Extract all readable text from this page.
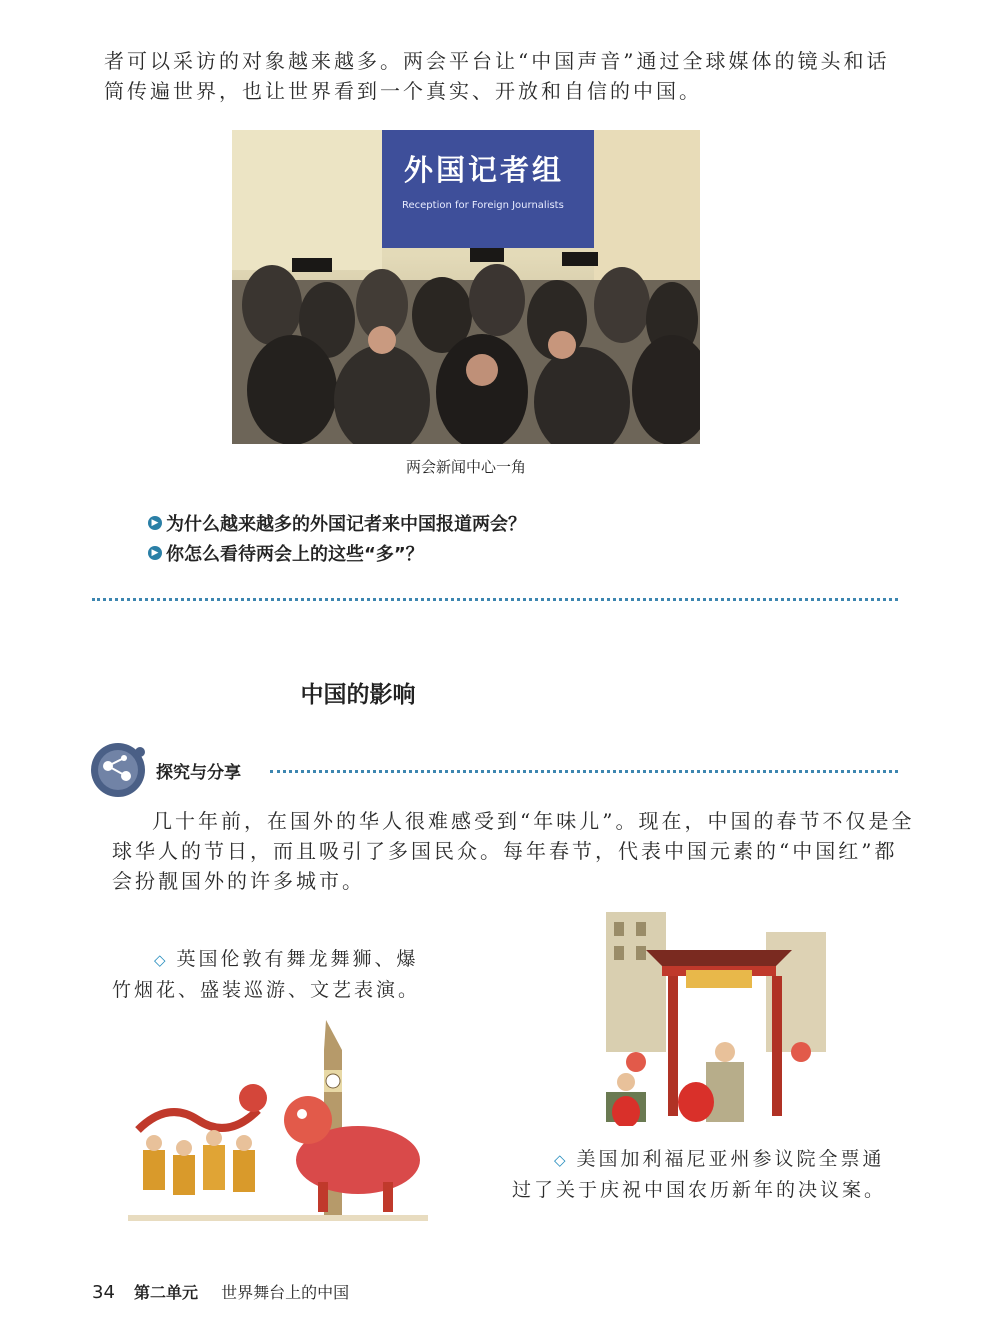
者可以采访的对象越来越多。两会平台让“中国声音”通过全球媒体的镜头和话

筒传遍世界，也让世界看到一个真实、开放和自信的中国。

外国记者组
Reception for Foreign Journalists
两会新闻中心一角
▶ 为什么越来越多的外国记者来中国报道两会？
▶ 你怎么看待两会上的这些“多”？
中国的影响
探究与分享

几十年前，在国外的华人很难感受到“年味儿”。现在，中国的春节不仅是全

球华人的节日，而且吸引了多国民众。每年春节，代表中国元素的“中国红”都

会扮靓国外的许多城市。

◇ 英国伦敦有舞龙舞狮、爆

竹烟花、盛装巡游、文艺表演。

◇ 美国加利福尼亚州参议院全票通

过了关于庆祝中国农历新年的决议案。

34 第二单元 世界舞台上的中国
